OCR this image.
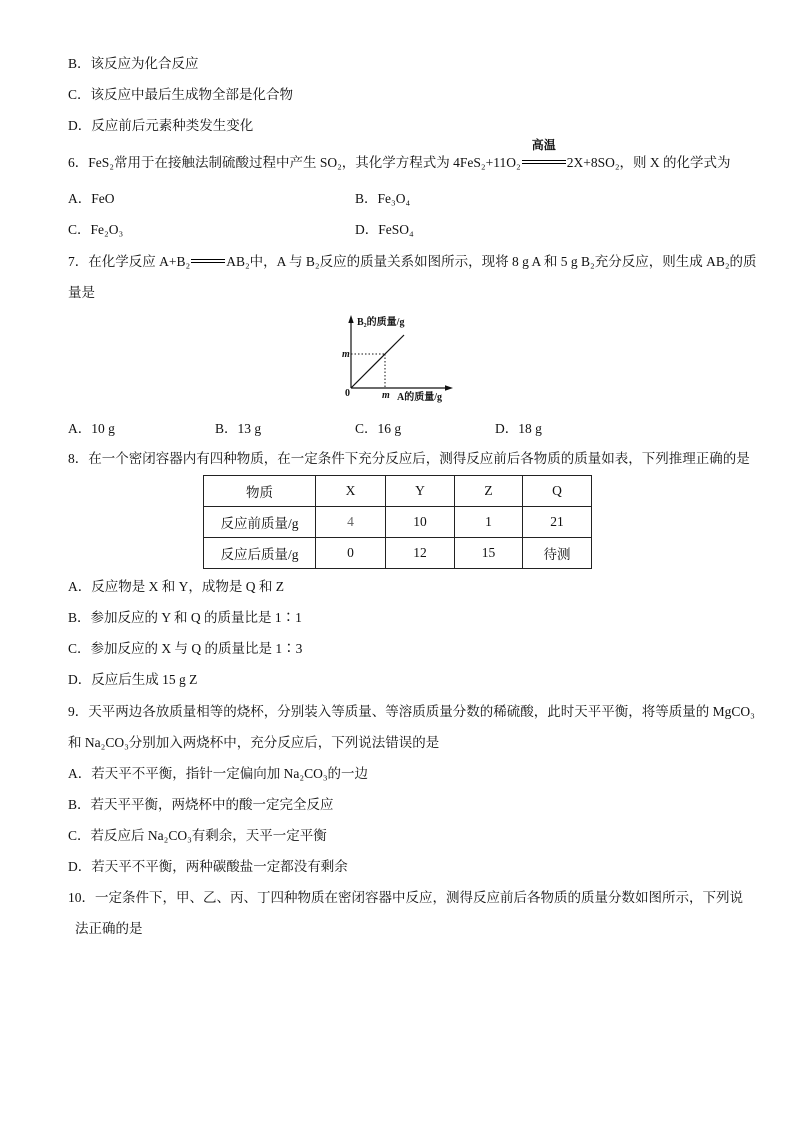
B．该反应为化合反应
C．该反应中最后生成物全部是化合物
D．反应前后元素种类发生变化
6．FeS₂常用于在接触法制硫酸过程中产生 SO₂，其化学方程式为 4FeS₂+11O₂
高温
2X+8SO₂，则 X 的化学式为
A．FeO	B．Fe₃O₄
C．Fe₂O₃	D．FeSO₄
7．在化学反应 A+B₂	AB₂中，A 与 B₂反应的质量关系如图所示，现将 8 g A 和 5 g B₂充分反应，则生成 AB₂的质
量是
B₂的质量/g
A的质量/g
m
m
0
A．10 g	B．13 g	C．16 g	D．18 g
8．在一个密闭容器内有四种物质，在一定条件下充分反应后，测得反应前后各物质的质量如表，下列推理正确的是
物质	X	Y	Z	Q
反应前质量/g	4	10	1	21
反应后质量/g	0	12	15	待测
A．反应物是 X 和 Y，成物是 Q 和 Z
B．参加反应的 Y 和 Q 的质量比是 1∶1
C．参加反应的 X 与 Q 的质量比是 1∶3
D．反应后生成 15 g Z
9．天平两边各放质量相等的烧杯，分别装入等质量、等溶质质量分数的稀硫酸，此时天平平衡，将等质量的 MgCO₃
和 Na₂CO₃分别加入两烧杯中，充分反应后，下列说法错误的是
A．若天平不平衡，指针一定偏向加 Na₂CO₃的一边
B．若天平平衡，两烧杯中的酸一定完全反应
C．若反应后 Na₂CO₃有剩余，天平一定平衡
D．若天平不平衡，两种碳酸盐一定都没有剩余
10．一定条件下，甲、乙、丙、丁四种物质在密闭容器中反应，测得反应前后各物质的质量分数如图所示，下列说
法正确的是
